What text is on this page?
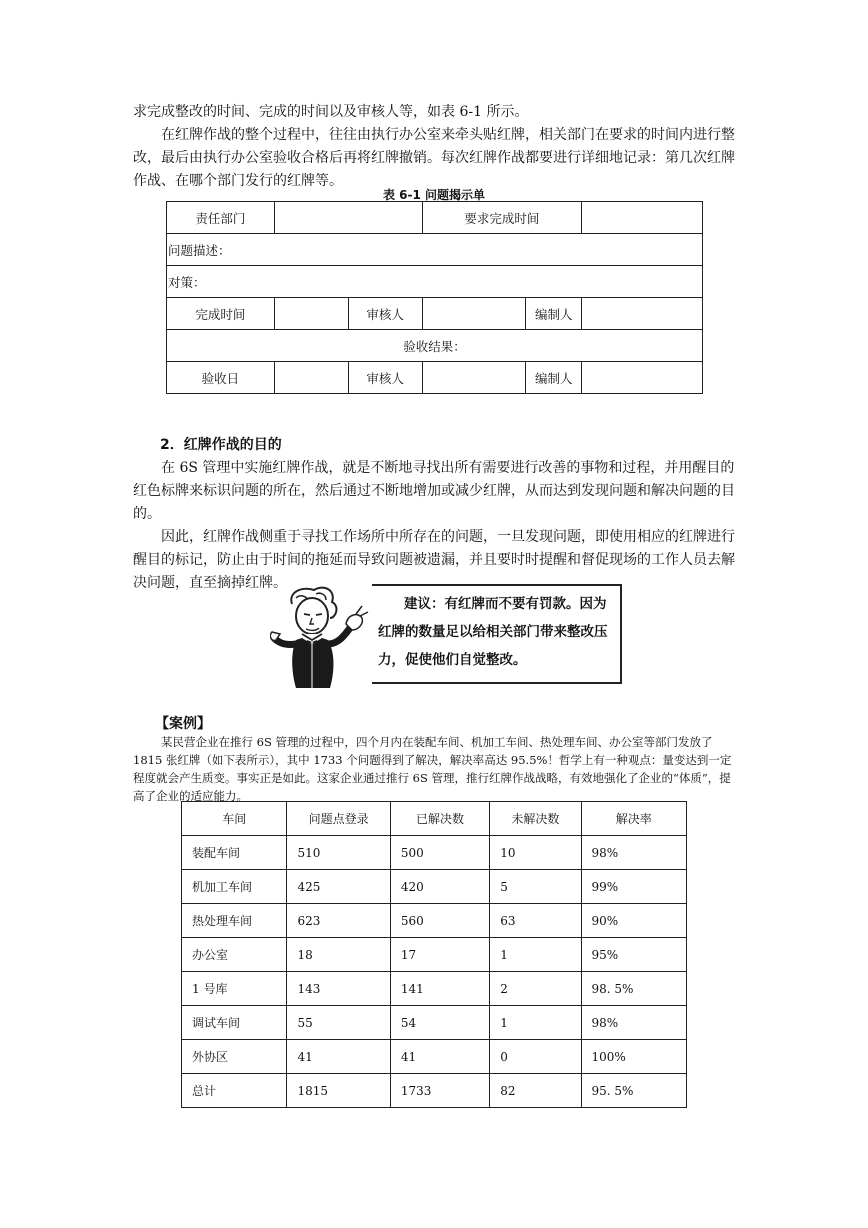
求完成整改的时间、完成的时间以及审核人等，如表 6-1 所示。

在红牌作战的整个过程中，往往由执行办公室来牵头贴红牌，相关部门在要求的时间内进行整改，最后由执行办公室验收合格后再将红牌撤销。每次红牌作战都要进行详细地记录：第几次红牌作战、在哪个部门发行的红牌等。

表 6-1 问题揭示单
责任部门			要求完成时间		
问题描述：					
对策：					
完成时间		审核人		编制人	
验收结果：					
验收日		审核人		编制人	
2．红牌作战的目的

在 6S 管理中实施红牌作战，就是不断地寻找出所有需要进行改善的事物和过程，并用醒目的红色标牌来标识问题的所在，然后通过不断地增加或减少红牌，从而达到发现问题和解决问题的目的。

因此，红牌作战侧重于寻找工作场所中所存在的问题，一旦发现问题，即使用相应的红牌进行醒目的标记，防止由于时间的拖延而导致问题被遗漏，并且要时时提醒和督促现场的工作人员去解决问题，直至摘掉红牌。

建议：有红牌而不要有罚款。因为红牌的数量足以给相关部门带来整改压力，促使他们自觉整改。

【案例】

某民营企业在推行 6S 管理的过程中，四个月内在装配车间、机加工车间、热处理车间、办公室等部门发放了 1815 张红牌（如下表所示），其中 1733 个问题得到了解决，解决率高达 95.5%！哲学上有一种观点：量变达到一定程度就会产生质变。事实正是如此。这家企业通过推行 6S 管理，推行红牌作战战略，有效地强化了企业的“体质”，提高了企业的适应能力。

车间	问题点登录	已解决数	未解决数	解决率
装配车间	510	500	10	98%
机加工车间	425	420	5	99%
热处理车间	623	560	63	90%
办公室	18	17	1	95%
1 号库	143	141	2	98. 5%
调试车间	55	54	1	98%
外协区	41	41	0	100%
总计	1815	1733	82	95. 5%
